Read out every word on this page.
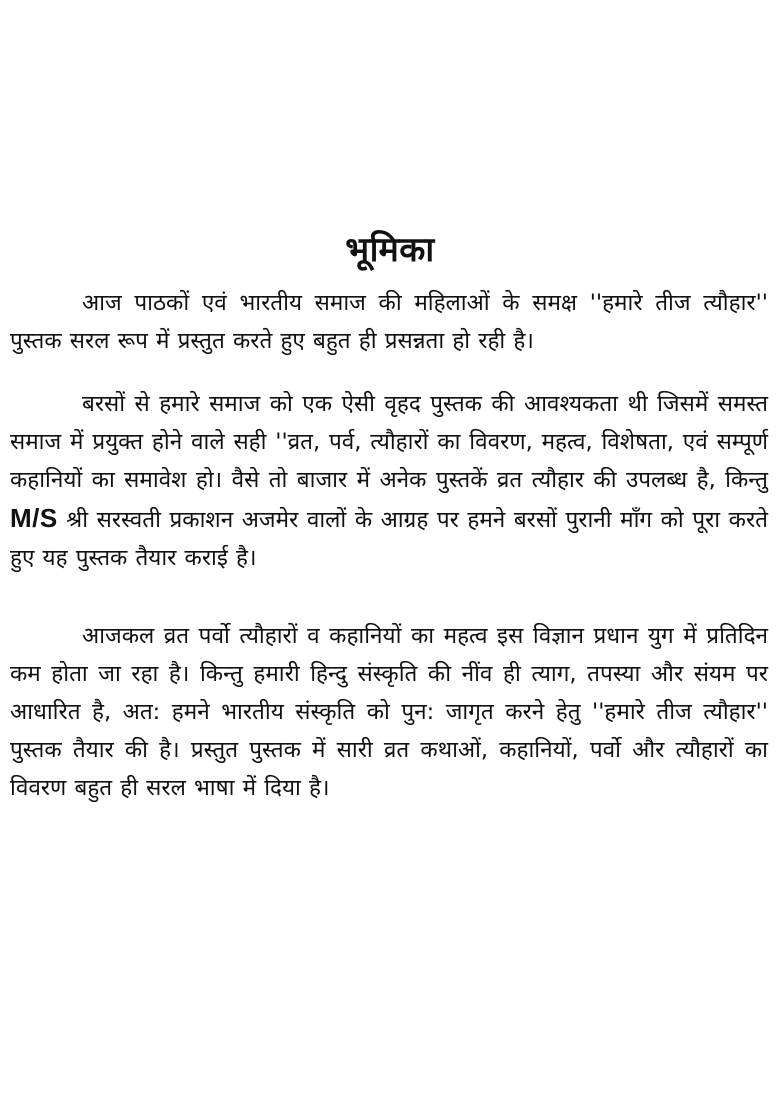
भूमिका

आज पाठकों एवं भारतीय समाज की महिलाओं के समक्ष ''हमारे तीज त्यौहार'' पुस्तक सरल रूप में प्रस्तुत करते हुए बहुत ही प्रसन्नता हो रही है।

बरसों से हमारे समाज को एक ऐसी वृहद पुस्तक की आवश्यकता थी जिसमें समस्त समाज में प्रयुक्त होने वाले सही ''व्रत, पर्व, त्यौहारों का विवरण, महत्व, विशेषता, एवं सम्पूर्ण कहानियों का समावेश हो। वैसे तो बाजार में अनेक पुस्तकें व्रत त्यौहार की उपलब्ध है, किन्तु M/S श्री सरस्वती प्रकाशन अजमेर वालों के आग्रह पर हमने बरसों पुरानी माँग को पूरा करते हुए यह पुस्तक तैयार कराई है।

आजकल व्रत पर्वो त्यौहारों व कहानियों का महत्व इस विज्ञान प्रधान युग में प्रतिदिन कम होता जा रहा है। किन्तु हमारी हिन्दु संस्कृति की नींव ही त्याग, तपस्या और संयम पर आधारित है, अत: हमने भारतीय संस्कृति को पुन: जागृत करने हेतु ''हमारे तीज त्यौहार'' पुस्तक तैयार की है। प्रस्तुत पुस्तक में सारी व्रत कथाओं, कहानियों, पर्वो और त्यौहारों का विवरण बहुत ही सरल भाषा में दिया है।
